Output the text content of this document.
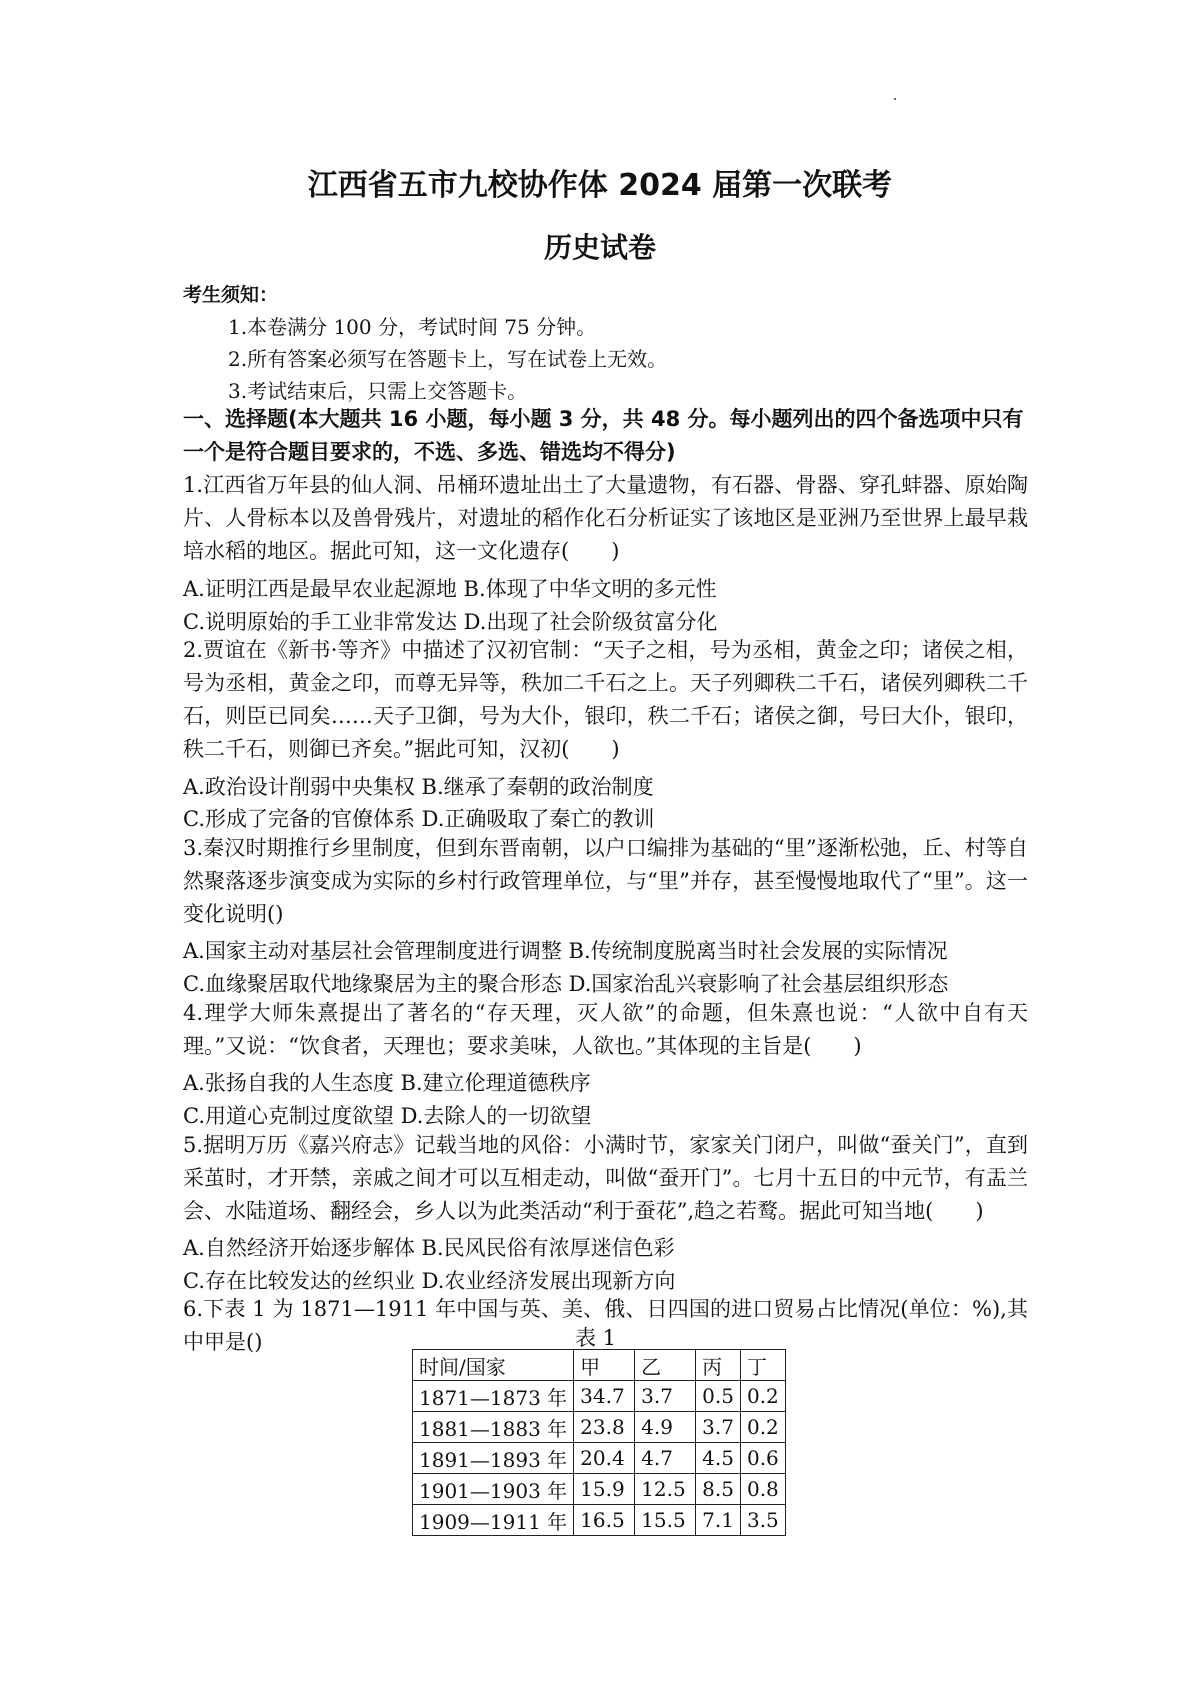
江西省五市九校协作体 2024 届第一次联考
历史试卷
考生须知：
1.本卷满分 100 分，考试时间 75 分钟。
2.所有答案必须写在答题卡上，写在试卷上无效。
3.考试结束后，只需上交答题卡。
一、选择题(本大题共 16 小题，每小题 3 分，共 48 分。每小题列出的四个备选项中只有一个是符合题目要求的，不选、多选、错选均不得分)
1.江西省万年县的仙人洞、吊桶环遗址出土了大量遗物，有石器、骨器、穿孔蚌器、原始陶片、人骨标本以及兽骨残片，对遗址的稻作化石分析证实了该地区是亚洲乃至世界上最早栽培水稻的地区。据此可知，这一文化遗存(　　)
A.证明江西是最早农业起源地 B.体现了中华文明的多元性
C.说明原始的手工业非常发达 D.出现了社会阶级贫富分化
2.贾谊在《新书·等齐》中描述了汉初官制：“天子之相，号为丞相，黄金之印；诸侯之相，号为丞相，黄金之印，而尊无异等，秩加二千石之上。天子列卿秩二千石，诸侯列卿秩二千石，则臣已同矣……天子卫御，号为大仆，银印，秩二千石；诸侯之御，号曰大仆，银印，秩二千石，则御已齐矣。”据此可知，汉初(　　)
A.政治设计削弱中央集权 B.继承了秦朝的政治制度
C.形成了完备的官僚体系 D.正确吸取了秦亡的教训
3.秦汉时期推行乡里制度，但到东晋南朝，以户口编排为基础的“里”逐渐松弛，丘、村等自然聚落逐步演变成为实际的乡村行政管理单位，与“里”并存，甚至慢慢地取代了“里”。这一变化说明()
A.国家主动对基层社会管理制度进行调整 B.传统制度脱离当时社会发展的实际情况
C.血缘聚居取代地缘聚居为主的聚合形态 D.国家治乱兴衰影响了社会基层组织形态
4.理学大师朱熹提出了著名的“存天理，灭人欲”的命题，但朱熹也说：“人欲中自有天理。”又说：“饮食者，天理也；要求美味，人欲也。”其体现的主旨是(　　)
A.张扬自我的人生态度 B.建立伦理道德秩序
C.用道心克制过度欲望 D.去除人的一切欲望
5.据明万历《嘉兴府志》记载当地的风俗：小满时节，家家关门闭户，叫做“蚕关门”，直到采茧时，才开禁，亲戚之间才可以互相走动，叫做“蚕开门”。七月十五日的中元节，有盂兰会、水陆道场、翻经会，乡人以为此类活动“利于蚕花”,趋之若鹜。据此可知当地(　　)
A.自然经济开始逐步解体 B.民风民俗有浓厚迷信色彩
C.存在比较发达的丝织业 D.农业经济发展出现新方向
6.下表 1 为 1871—1911 年中国与英、美、俄、日四国的进口贸易占比情况(单位：%),其中甲是()	表 1
时间/国家	甲	乙	丙	丁
1871—1873 年	34.7	3.7	0.5	0.2
1881—1883 年	23.8	4.9	3.7	0.2
1891—1893 年	20.4	4.7	4.5	0.6
1901—1903 年	15.9	12.5	8.5	0.8
1909—1911 年	16.5	15.5	7.1	3.5
